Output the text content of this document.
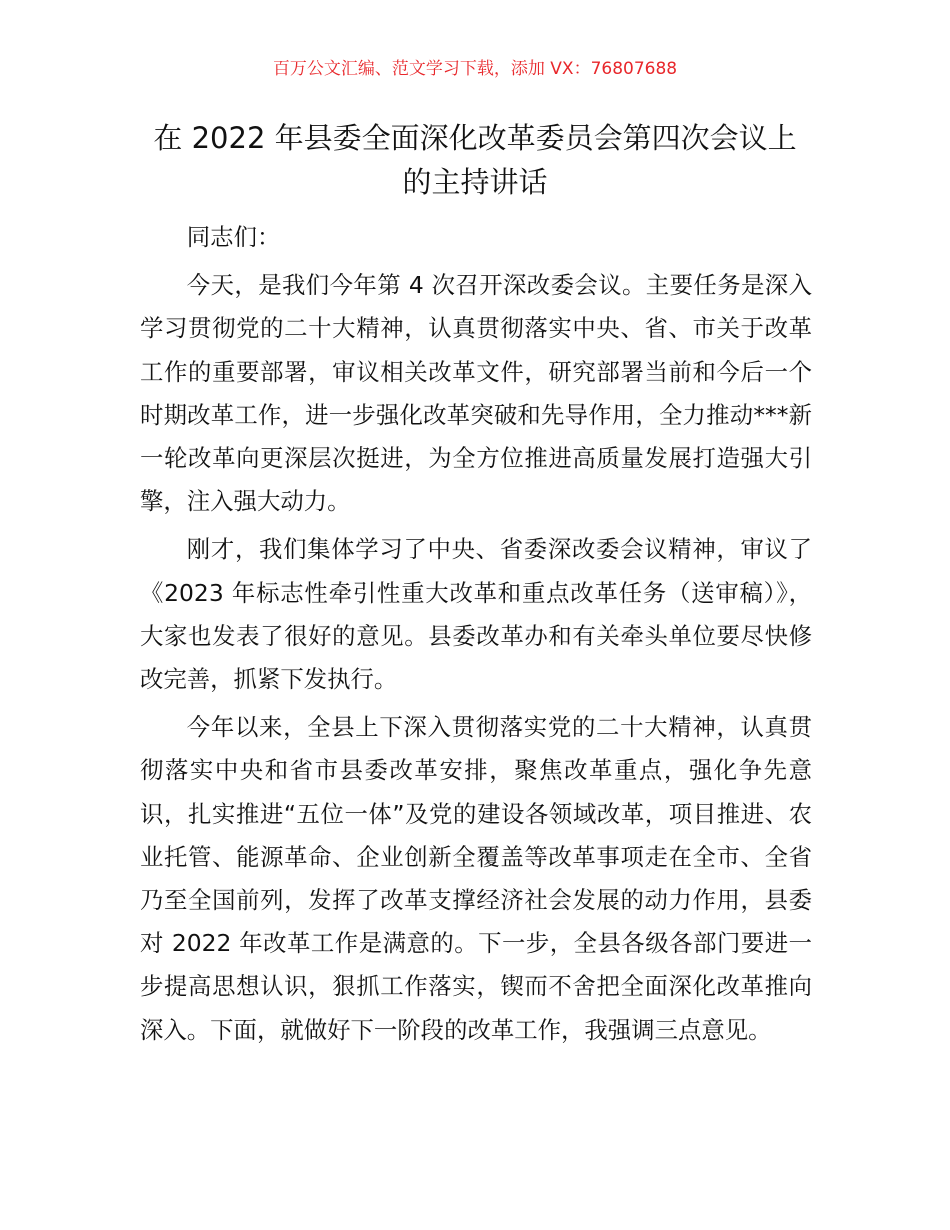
百万公文汇编、范文学习下载，添加 VX：76807688
在 2022 年县委全面深化改革委员会第四次会议上的主持讲话

同志们：

今天，是我们今年第 4 次召开深改委会议。主要任务是深入学习贯彻党的二十大精神，认真贯彻落实中央、省、市关于改革工作的重要部署，审议相关改革文件，研究部署当前和今后一个时期改革工作，进一步强化改革突破和先导作用，全力推动***新一轮改革向更深层次挺进，为全方位推进高质量发展打造强大引擎，注入强大动力。

刚才，我们集体学习了中央、省委深改委会议精神，审议了《2023 年标志性牵引性重大改革和重点改革任务（送审稿）》，大家也发表了很好的意见。县委改革办和有关牵头单位要尽快修改完善，抓紧下发执行。

今年以来，全县上下深入贯彻落实党的二十大精神，认真贯彻落实中央和省市县委改革安排，聚焦改革重点，强化争先意识，扎实推进“五位一体”及党的建设各领域改革，项目推进、农业托管、能源革命、企业创新全覆盖等改革事项走在全市、全省乃至全国前列，发挥了改革支撑经济社会发展的动力作用，县委对 2022 年改革工作是满意的。下一步，全县各级各部门要进一步提高思想认识，狠抓工作落实，锲而不舍把全面深化改革推向深入。下面，就做好下一阶段的改革工作，我强调三点意见。
